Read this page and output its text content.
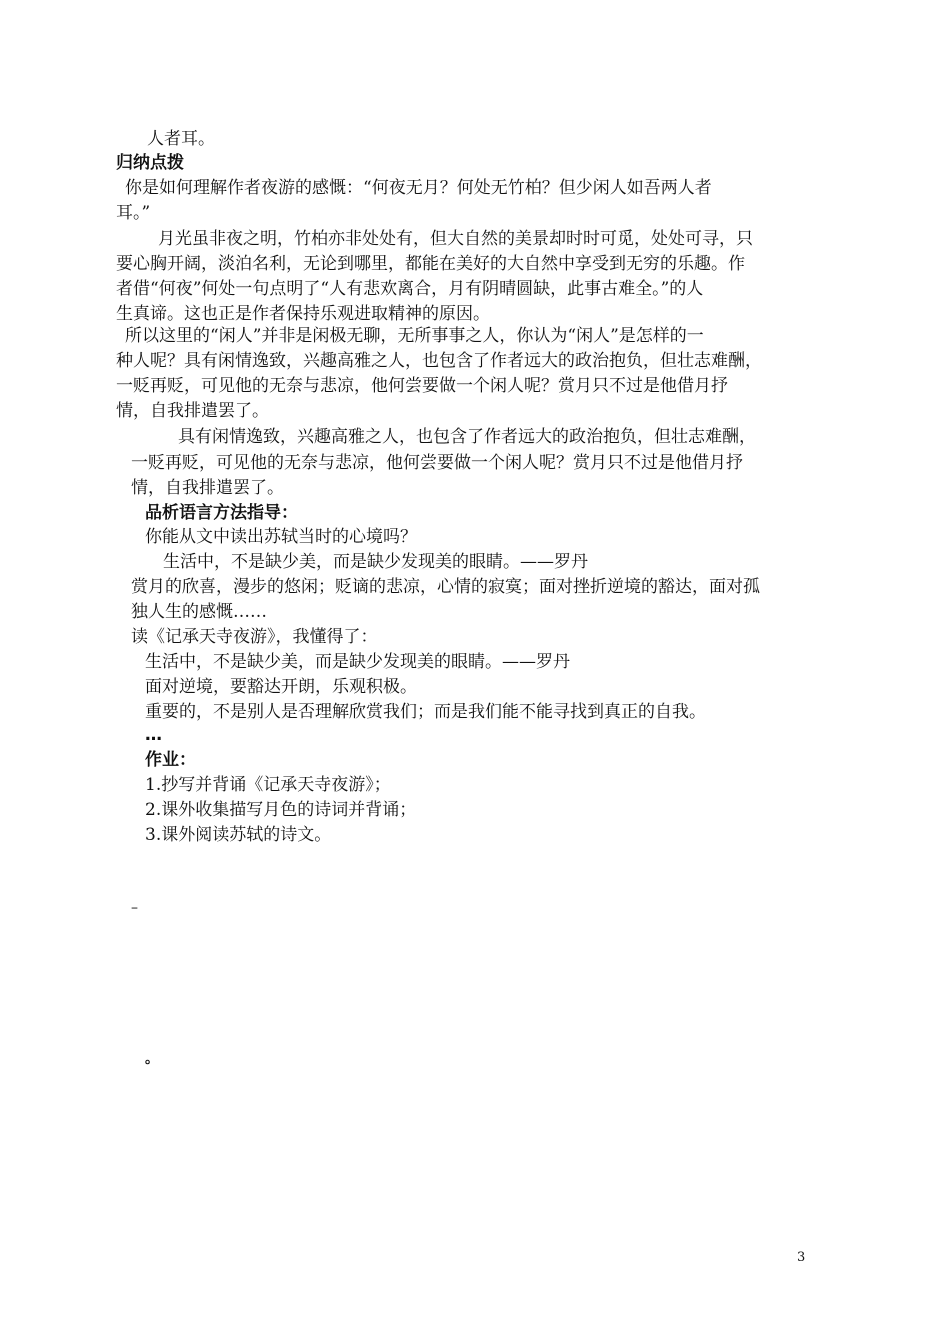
人者耳。
归纳点拨
你是如何理解作者夜游的感慨：“何夜无月？何处无竹柏？但少闲人如吾两人者
耳。”
月光虽非夜之明，竹柏亦非处处有，但大自然的美景却时时可觅，处处可寻，只
要心胸开阔，淡泊名利，无论到哪里，都能在美好的大自然中享受到无穷的乐趣。作
者借“何夜”何处一句点明了“人有悲欢离合，月有阴晴圆缺，此事古难全。”的人
生真谛。这也正是作者保持乐观进取精神的原因。
所以这里的“闲人”并非是闲极无聊，无所事事之人，你认为“闲人”是怎样的一
种人呢？具有闲情逸致，兴趣高雅之人，也包含了作者远大的政治抱负，但壮志难酬，
一贬再贬，可见他的无奈与悲凉，他何尝要做一个闲人呢？赏月只不过是他借月抒
情，自我排遣罢了。
具有闲情逸致，兴趣高雅之人，也包含了作者远大的政治抱负，但壮志难酬，
一贬再贬，可见他的无奈与悲凉，他何尝要做一个闲人呢？赏月只不过是他借月抒
情，自我排遣罢了。
品析语言方法指导：
你能从文中读出苏轼当时的心境吗？
生活中，不是缺少美，而是缺少发现美的眼睛。——罗丹
赏月的欣喜，漫步的悠闲；贬谪的悲凉，心情的寂寞；面对挫折逆境的豁达，面对孤
独人生的感慨……
读《记承天寺夜游》，我懂得了：
生活中，不是缺少美，而是缺少发现美的眼睛。——罗丹
面对逆境，要豁达开朗，乐观积极。
重要的，不是别人是否理解欣赏我们；而是我们能不能寻找到真正的自我。
…
作业：
1.抄写并背诵《记承天寺夜游》；
2.课外收集描写月色的诗词并背诵；
3.课外阅读苏轼的诗文。
–
。
3
